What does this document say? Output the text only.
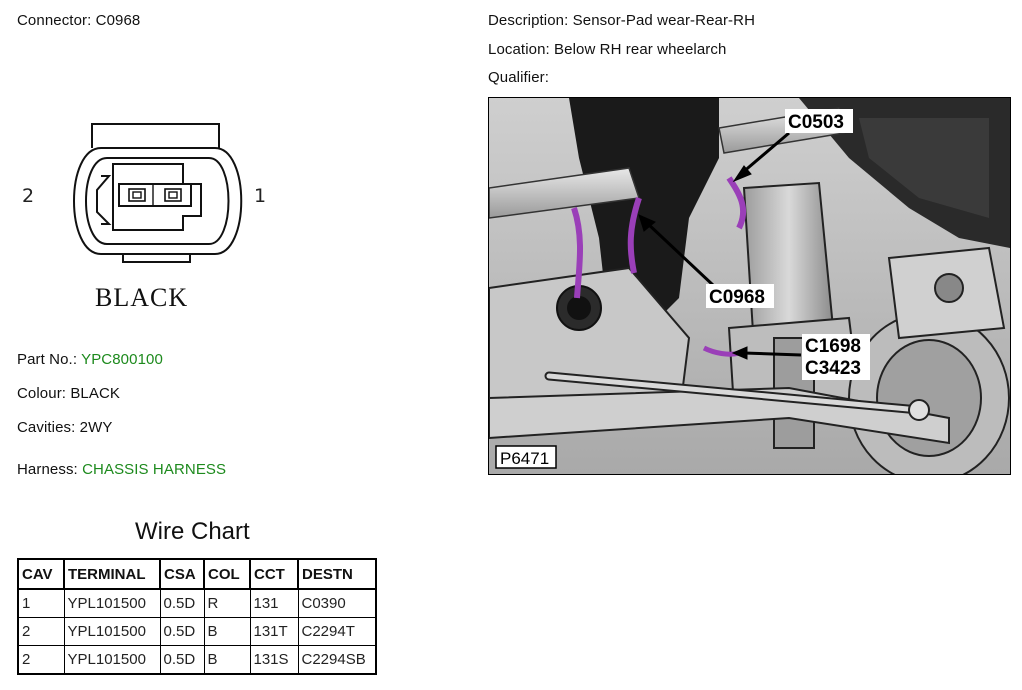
Connector: C0968	Description: Sensor-Pad wear-Rear-RH
Location: Below RH rear wheelarch
Qualifier:
2	1
BLACK
Part No.: YPC800100
Colour: BLACK
Cavities: 2WY
Harness: CHASSIS HARNESS
Wire Chart
CAV	TERMINAL	CSA	COL	CCT	DESTN
1	YPL101500	0.5D	R	131	C0390
2	YPL101500	0.5D	B	131T	C2294T
2	YPL101500	0.5D	B	131S	C2294SB
C0503
C0968
C1698
C3423
P6471
